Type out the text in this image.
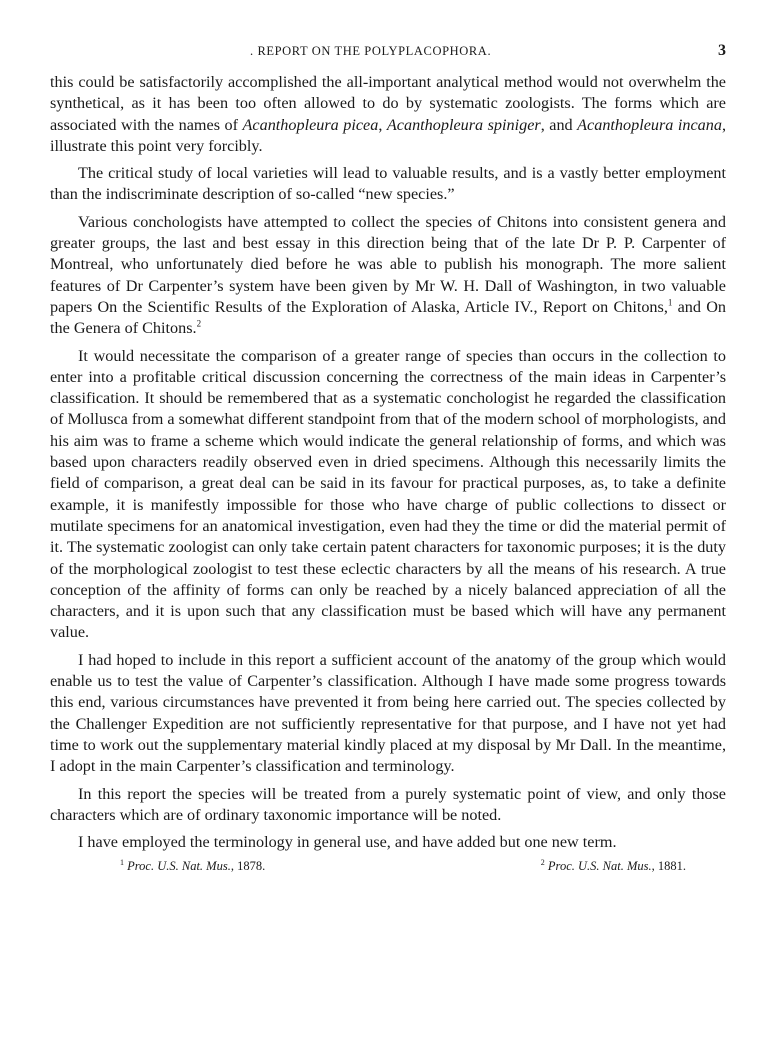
. REPORT ON THE POLYPLACOPHORA.	3

this could be satisfactorily accomplished the all-important analytical method would not overwhelm the synthetical, as it has been too often allowed to do by systematic zoologists. The forms which are associated with the names of Acanthopleura picea, Acanthopleura spiniger, and Acanthopleura incana, illustrate this point very forcibly.

The critical study of local varieties will lead to valuable results, and is a vastly better employment than the indiscriminate description of so-called “new species.”

Various conchologists have attempted to collect the species of Chitons into consistent genera and greater groups, the last and best essay in this direction being that of the late Dr P. P. Carpenter of Montreal, who unfortunately died before he was able to publish his monograph. The more salient features of Dr Carpenter’s system have been given by Mr W. H. Dall of Washington, in two valuable papers On the Scientific Results of the Exploration of Alaska, Article IV., Report on Chitons,$^1$ and On the Genera of Chitons.$^2$

It would necessitate the comparison of a greater range of species than occurs in the collection to enter into a profitable critical discussion concerning the correctness of the main ideas in Carpenter’s classification. It should be remembered that as a systematic conchologist he regarded the classification of Mollusca from a somewhat different standpoint from that of the modern school of morphologists, and his aim was to frame a scheme which would indicate the general relationship of forms, and which was based upon characters readily observed even in dried specimens. Although this necessarily limits the field of comparison, a great deal can be said in its favour for practical purposes, as, to take a definite example, it is manifestly impossible for those who have charge of public collections to dissect or mutilate specimens for an anatomical investigation, even had they the time or did the material permit of it. The systematic zoologist can only take certain patent characters for taxonomic purposes; it is the duty of the morphological zoologist to test these eclectic characters by all the means of his research. A true conception of the affinity of forms can only be reached by a nicely balanced appreciation of all the characters, and it is upon such that any classification must be based which will have any permanent value.

I had hoped to include in this report a sufficient account of the anatomy of the group which would enable us to test the value of Carpenter’s classification. Although I have made some progress towards this end, various circumstances have prevented it from being here carried out. The species collected by the Challenger Expedition are not sufficiently representative for that purpose, and I have not yet had time to work out the supplementary material kindly placed at my disposal by Mr Dall. In the meantime, I adopt in the main Carpenter’s classification and terminology.

In this report the species will be treated from a purely systematic point of view, and only those characters which are of ordinary taxonomic importance will be noted.

I have employed the terminology in general use, and have added but one new term.

$^1$ Proc. U.S. Nat. Mus., 1878.	$^2$ Proc. U.S. Nat. Mus., 1881.
